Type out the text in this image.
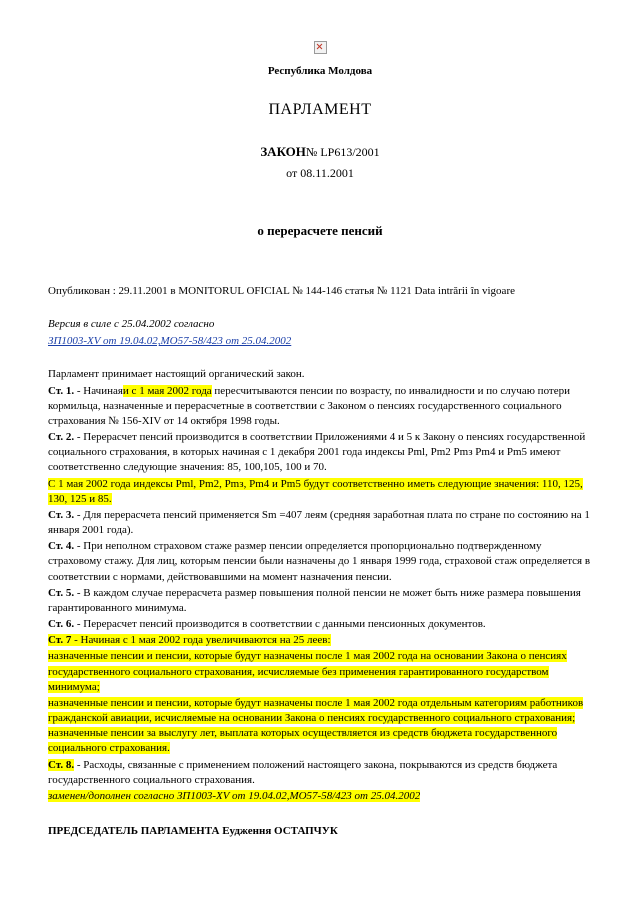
Республика Молдова
ПАРЛАМЕНТ
ЗАКОН№ LP613/2001
от 08.11.2001
о перерасчете пенсий
Опубликован : 29.11.2001 в MONITORUL OFICIAL № 144-146 статья № 1121 Data intrării în vigoare
Версия в силе с 25.04.2002 согласно
ЗП1003-XV от 19.04.02,МО57-58/423 от 25.04.2002

Парламент принимает настоящий органический закон.

Ст. 1. - Начинаяи с 1 мая 2002 года пересчитываются пенсии по возрасту, по инвалидности и по случаю потери кормильца, назначенные и перерасчетные в соответствии с Законом о пенсиях государственного социального страхования № 156-XIV от 14 октября 1998 годы.

Ст. 2. - Перерасчет пенсий производится в соответствии Приложениями 4 и 5 к Закону о пенсиях государственной социального страхования, в которых начиная с 1 декабря 2001 года индексы Pml, Pm2 Pmз Pm4 и Pm5 имеют соответственно следующие значения: 85, 100,105, 100 и 70.

С 1 мая 2002 года индексы Pml, Pm2, Pmз, Pm4 и Pm5 будут соответственно иметь следующие значения: 110, 125, 130, 125 и 85.

Ст. 3. - Для перерасчета пенсий применяется Sm =407 леям (средняя заработная плата по стране по состоянию на 1 января 2001 года).

Ст. 4. - При неполном страховом стаже размер пенсии определяется пропорционально подтвержденному страховому стажу. Для лиц, которым пенсии были назначены до 1 января 1999 года, страховой стаж определяется в соответствии с нормами, действовавшими на момент назначения пенсии.

Ст. 5. - В каждом случае перерасчета размер повышения полной пенсии не может быть ниже размера повышения гарантированного минимума.

Ст. 6. - Перерасчет пенсий производится в соответствии с данными пенсионных документов.

Ст. 7 - Начиная с 1 мая 2002 года увеличиваются на 25 леев:

назначенные пенсии и пенсии, которые будут назначены после 1 мая 2002 года на основании Закона о пенсиях государственного социального страхования, исчисляемые без применения гарантированного государством минимума;

назначенные пенсии и пенсии, которые будут назначены после 1 мая 2002 года отдельным категориям работников гражданской авиации, исчисляемые на основании Закона о пенсиях государственного социального страхования; назначенные пенсии за выслугу лет, выплата которых осуществляется из средств бюджета государственного социального страхования.

Ст. 8. - Расходы, связанные с применением положений настоящего закона, покрываются из средств бюджета государственного социального страхования.

заменен/дополнен согласно ЗП1003-XV от 19.04.02,МО57-58/423 от 25.04.2002

ПРЕДСЕДАТЕЛЬ ПАРЛАМЕНТА Еудження ОСТАПЧУК
